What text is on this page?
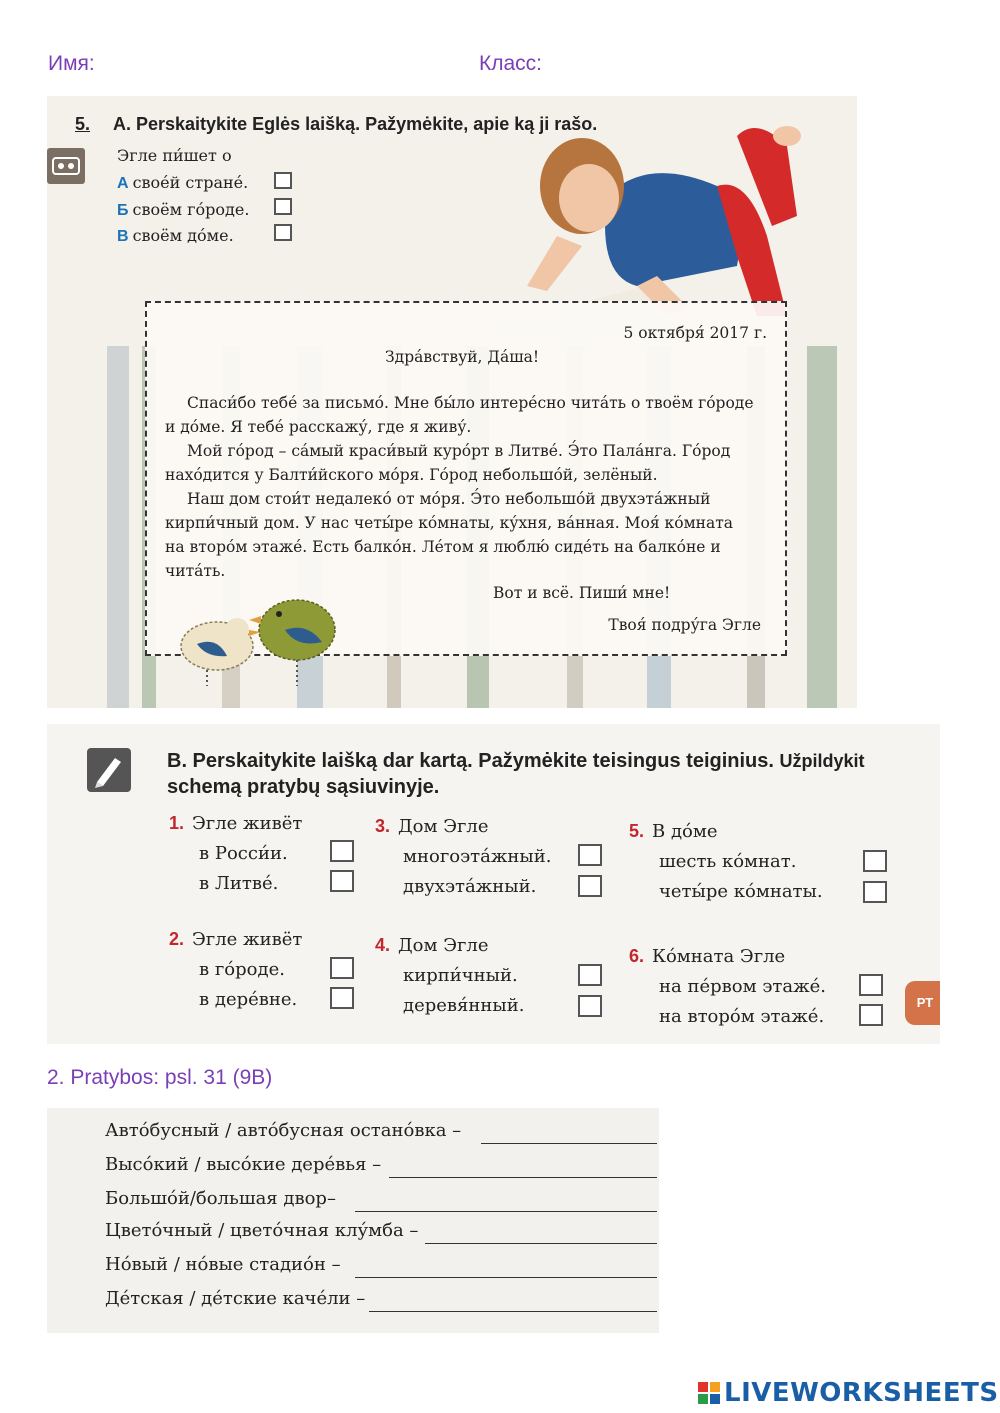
Имя:	Класс:
5. A. Perskaitykite Eglės laišką. Pažymėkite, apie ką ji rašo.
Эгле пи́шет о
А свое́й стране́.
Б своём го́роде.
В своём до́ме.

5 октября́ 2017 г.

Здра́вствуй, Да́ша!

Спаси́бо тебе́ за письмо́. Мне бы́ло интере́сно чита́ть о твоём го́роде

и до́ме. Я тебе́ расскажу́, где я живу́.

Мой го́род – са́мый краси́вый куро́рт в Литве́. Э́то Пала́нга. Го́род

нахо́дится у Балти́йского мо́ря. Го́род небольшо́й, зелёный.

Наш дом стои́т недалеко́ от мо́ря. Э́то небольшо́й двухэта́жный

кирпи́чный дом. У нас четы́ре ко́мнаты, ку́хня, ва́нная. Моя́ ко́мната

на второ́м этаже́. Есть балко́н. Ле́том я люблю́ сиде́ть на балко́не и

чита́ть.

Вот и всё. Пиши́ мне!

Твоя́ подру́га Эгле

B. Perskaitykite laišką dar kartą. Pažymėkite teisingus teiginius. Užpildykit
schemą pratybų sąsiuvinyje.
1. Эгле живёт
в Росси́и.
в Литве́.
2. Эгле живёт
в го́роде.
в дере́вне.
3. Дом Эгле
многоэта́жный.
двухэта́жный.
4. Дом Эгле
кирпи́чный.
деревя́нный.
5. В до́ме
шесть ко́мнат.
четы́ре ко́мнаты.
6. Ко́мната Эгле
на пе́рвом этаже́.
на второ́м этаже́.
РТ
2. Pratybos: psl. 31 (9B)
Авто́бусный / авто́бусная остано́вка –
Высо́кий / высо́кие дере́вья –
Большо́й/большая двор–
Цвето́чный / цвето́чная клу́мба –
Но́вый / но́вые стадио́н –
Де́тская / де́тские каче́ли –
LIVEWORKSHEETS
